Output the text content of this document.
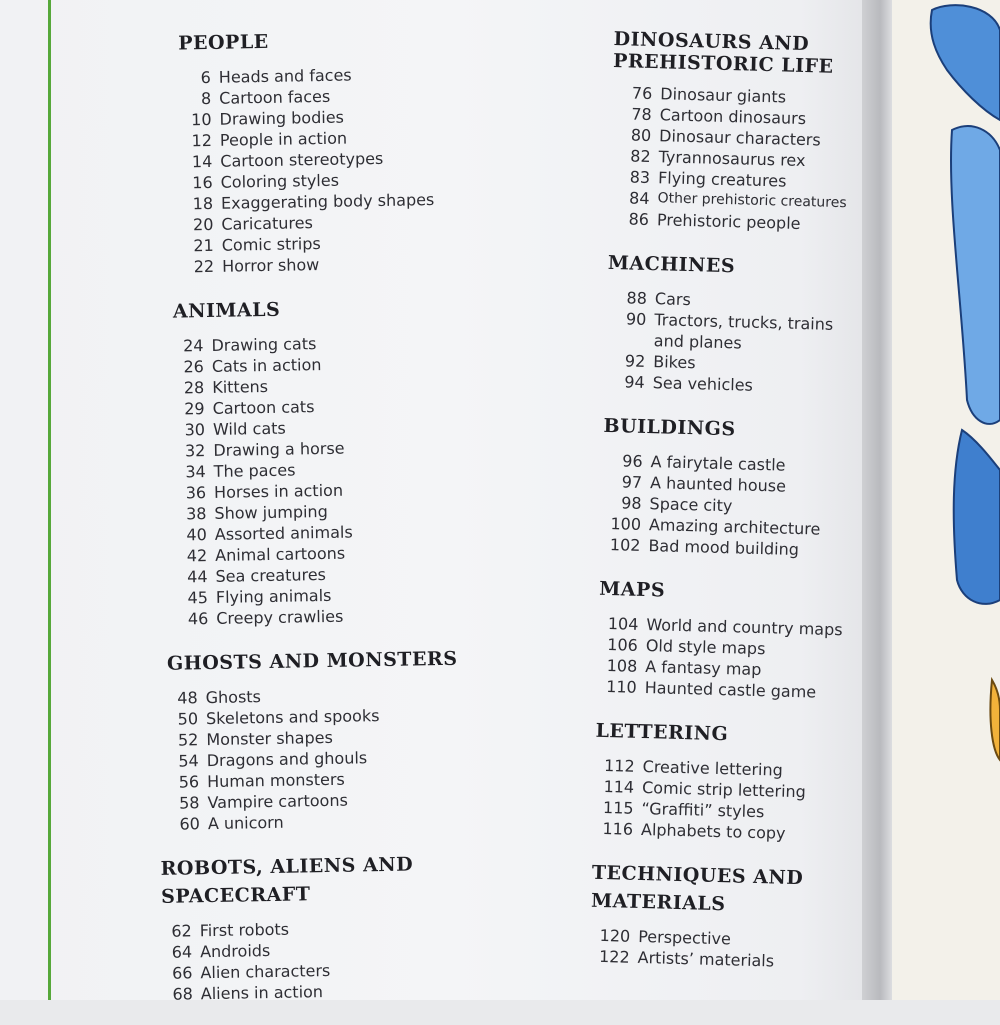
PEOPLE
6 Heads and faces
8 Cartoon faces
10 Drawing bodies
12 People in action
14 Cartoon stereotypes
16 Coloring styles
18 Exaggerating body shapes
20 Caricatures
21 Comic strips
22 Horror show
ANIMALS
24 Drawing cats
26 Cats in action
28 Kittens
29 Cartoon cats
30 Wild cats
32 Drawing a horse
34 The paces
36 Horses in action
38 Show jumping
40 Assorted animals
42 Animal cartoons
44 Sea creatures
45 Flying animals
46 Creepy crawlies
GHOSTS AND MONSTERS
48 Ghosts
50 Skeletons and spooks
52 Monster shapes
54 Dragons and ghouls
56 Human monsters
58 Vampire cartoons
60 A unicorn
ROBOTS, ALIENS AND SPACECRAFT
62 First robots
64 Androids
66 Alien characters
68 Aliens in action
DINOSAURS AND PREHISTORIC LIFE
76 Dinosaur giants
78 Cartoon dinosaurs
80 Dinosaur characters
82 Tyrannosaurus rex
83 Flying creatures
84 Other prehistoric creatures
86 Prehistoric people
MACHINES
88 Cars
90 Tractors, trucks, trains and planes
92 Bikes
94 Sea vehicles
BUILDINGS
96 A fairytale castle
97 A haunted house
98 Space city
100 Amazing architecture
102 Bad mood building
MAPS
104 World and country maps
106 Old style maps
108 A fantasy map
110 Haunted castle game
LETTERING
112 Creative lettering
114 Comic strip lettering
115 “Graffiti” styles
116 Alphabets to copy
TECHNIQUES AND MATERIALS
120 Perspective
122 Artists’ materials
